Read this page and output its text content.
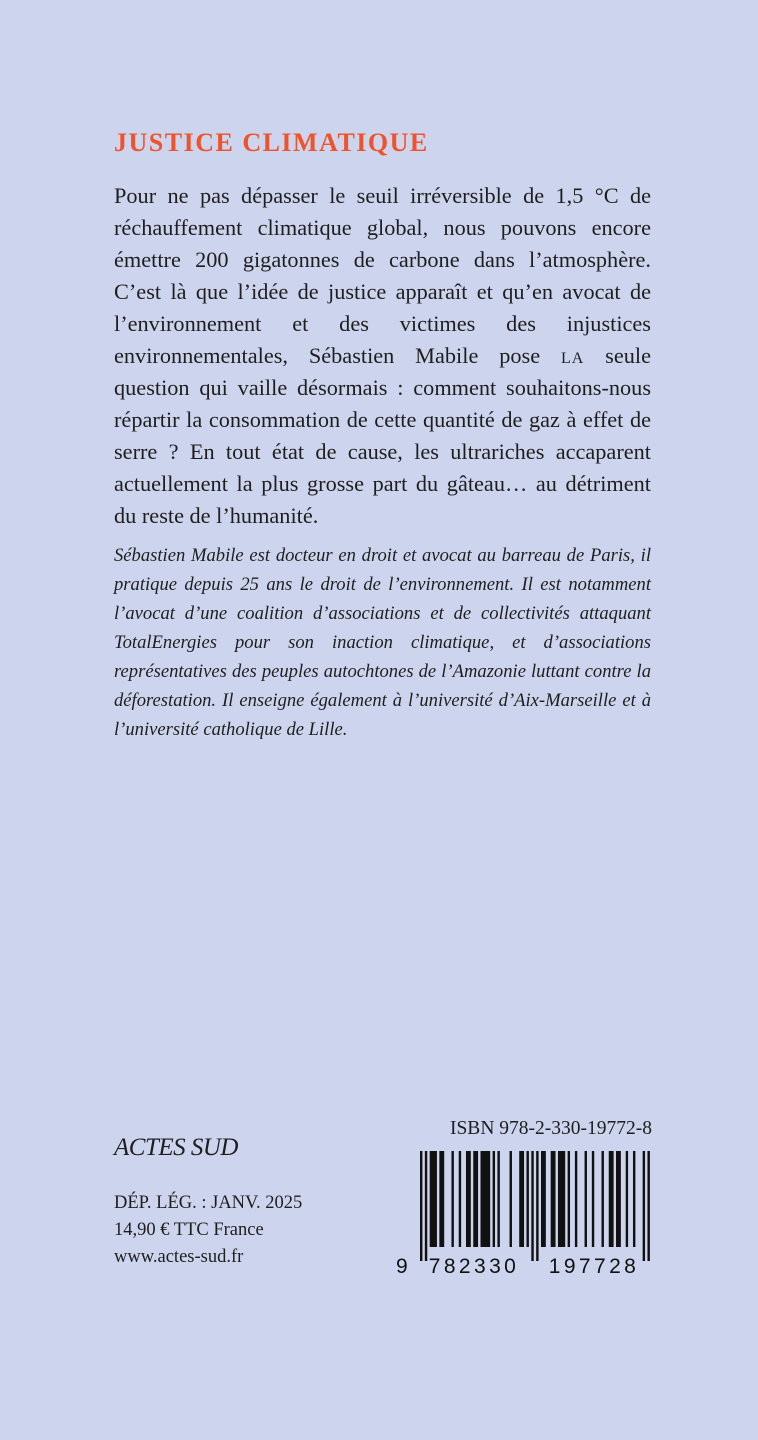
JUSTICE CLIMATIQUE

Pour ne pas dépasser le seuil irréversible de 1,5 °C de réchauffement climatique global, nous pouvons encore émettre 200 gigatonnes de carbone dans l’atmosphère. C’est là que l’idée de justice apparaît et qu’en avocat de l’environnement et des victimes des injustices environnementales, Sébastien Mabile pose la seule question qui vaille désormais : comment souhaitons-nous répartir la consommation de cette quantité de gaz à effet de serre ? En tout état de cause, les ultrariches accaparent actuellement la plus grosse part du gâteau… au détriment du reste de l’humanité.

Sébastien Mabile est docteur en droit et avocat au barreau de Paris, il pratique depuis 25 ans le droit de l’environnement. Il est notamment l’avocat d’une coalition d’associations et de collectivités attaquant TotalEnergies pour son inaction climatique, et d’associations représentatives des peuples autochtones de l’Amazonie luttant contre la déforestation. Il enseigne également à l’université d’Aix-Marseille et à l’université catholique de Lille.

ACTES SUD
DÉP. LÉG. : JANV. 2025
14,90 € TTC France
www.actes-sud.fr
ISBN 978-2-330-19772-8
9 782330 197728
